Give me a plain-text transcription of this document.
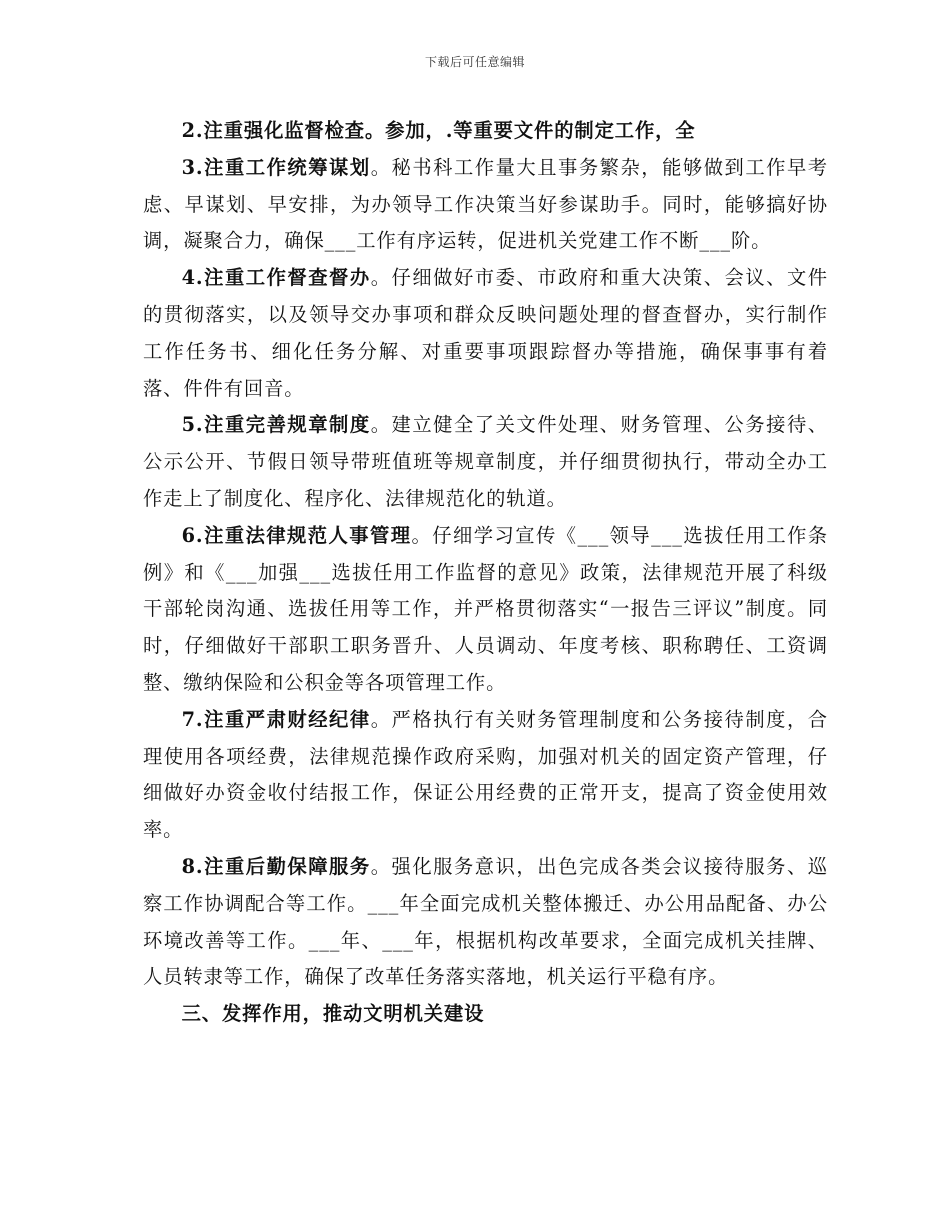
下载后可任意编辑

2.注重强化监督检查。参加，.等重要文件的制定工作，全

3.注重工作统筹谋划。秘书科工作量大且事务繁杂，能够做到工作早考虑、早谋划、早安排，为办领导工作决策当好参谋助手。同时，能够搞好协调，凝聚合力，确保___工作有序运转，促进机关党建工作不断___阶。

4.注重工作督查督办。仔细做好市委、市政府和重大决策、会议、文件的贯彻落实，以及领导交办事项和群众反映问题处理的督查督办，实行制作工作任务书、细化任务分解、对重要事项跟踪督办等措施，确保事事有着落、件件有回音。

5.注重完善规章制度。建立健全了关文件处理、财务管理、公务接待、公示公开、节假日领导带班值班等规章制度，并仔细贯彻执行，带动全办工作走上了制度化、程序化、法律规范化的轨道。

6.注重法律规范人事管理。仔细学习宣传《___领导___选拔任用工作条例》和《___加强___选拔任用工作监督的意见》政策，法律规范开展了科级干部轮岗沟通、选拔任用等工作，并严格贯彻落实“一报告三评议”制度。同时，仔细做好干部职工职务晋升、人员调动、年度考核、职称聘任、工资调整、缴纳保险和公积金等各项管理工作。

7.注重严肃财经纪律。严格执行有关财务管理制度和公务接待制度，合理使用各项经费，法律规范操作政府采购，加强对机关的固定资产管理，仔细做好办资金收付结报工作，保证公用经费的正常开支，提高了资金使用效率。

8.注重后勤保障服务。强化服务意识，出色完成各类会议接待服务、巡察工作协调配合等工作。___年全面完成机关整体搬迁、办公用品配备、办公环境改善等工作。___年、___年，根据机构改革要求，全面完成机关挂牌、人员转隶等工作，确保了改革任务落实落地，机关运行平稳有序。

三、发挥作用，推动文明机关建设
